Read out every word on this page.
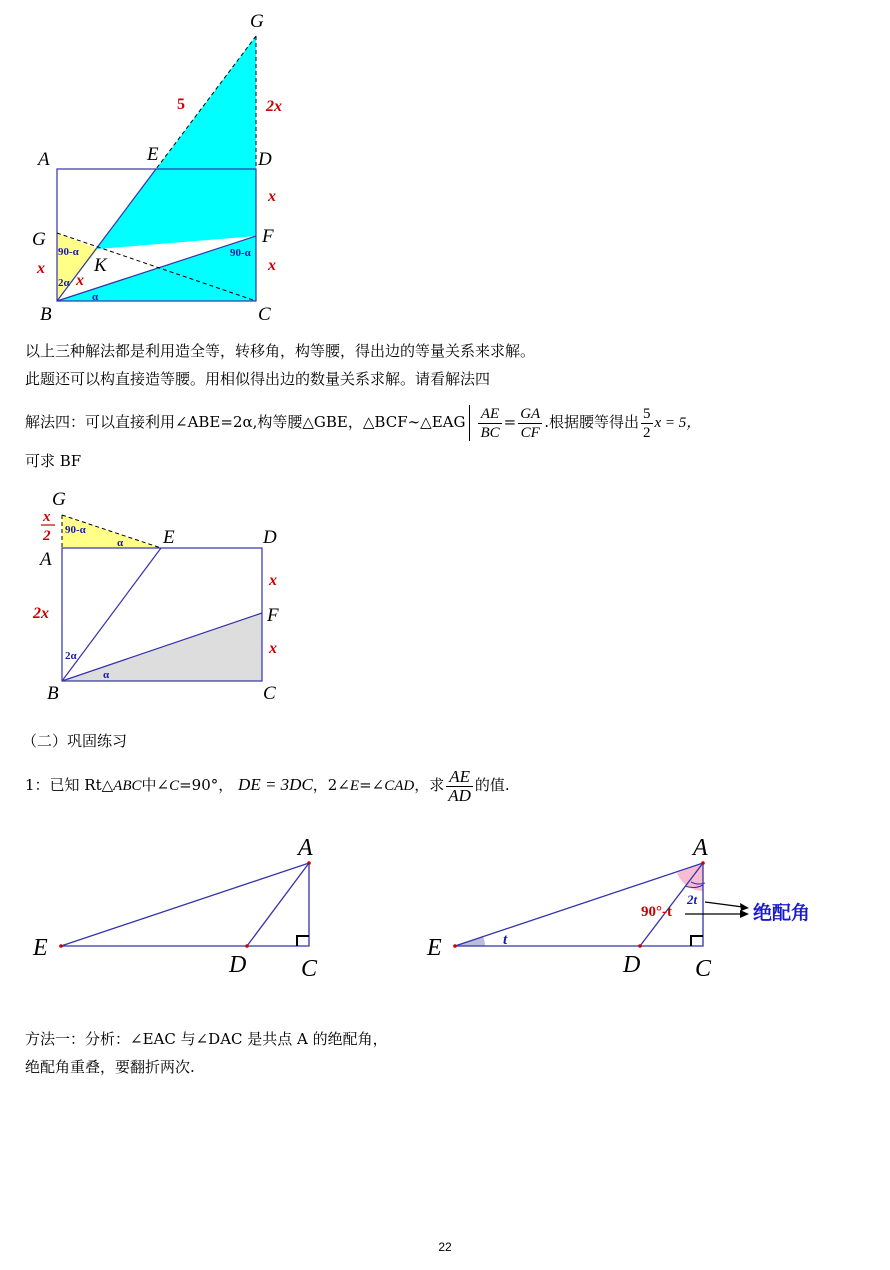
G
A	E	D
G	F
K
B	C
5	2x
x
x
x
x
90-α
2α
α
90-α
以上三种解法都是利用造全等，转移角，构等腰，得出边的等量关系来求解。
此题还可以构直接造等腰。用相似得出边的数量关系求解。请看解法四
解法四：可以直接利用∠ABE=2α,构等腰△GBE，△BCF∼△EAG $\frac{AE}{BC} = \frac{GA}{CF}$ .根据腰等得出 $\frac{5}{2}$ x = 5，
可求 BF
G
A
E	D
F
B	C
x
2
2x
x
x
90-α
α
2α
α
（二）巩固练习
1：已知 Rt△ABC中∠C=90°， DE = 3DC，2∠E=∠CAD，求 $\frac{AE}{AD}$ 的值.
A
E
D C
A
E
D C
t
2t
90°-t	绝配角
方法一：分析：∠EAC 与∠DAC 是共点 A 的绝配角，
绝配角重叠，要翻折两次.
22
